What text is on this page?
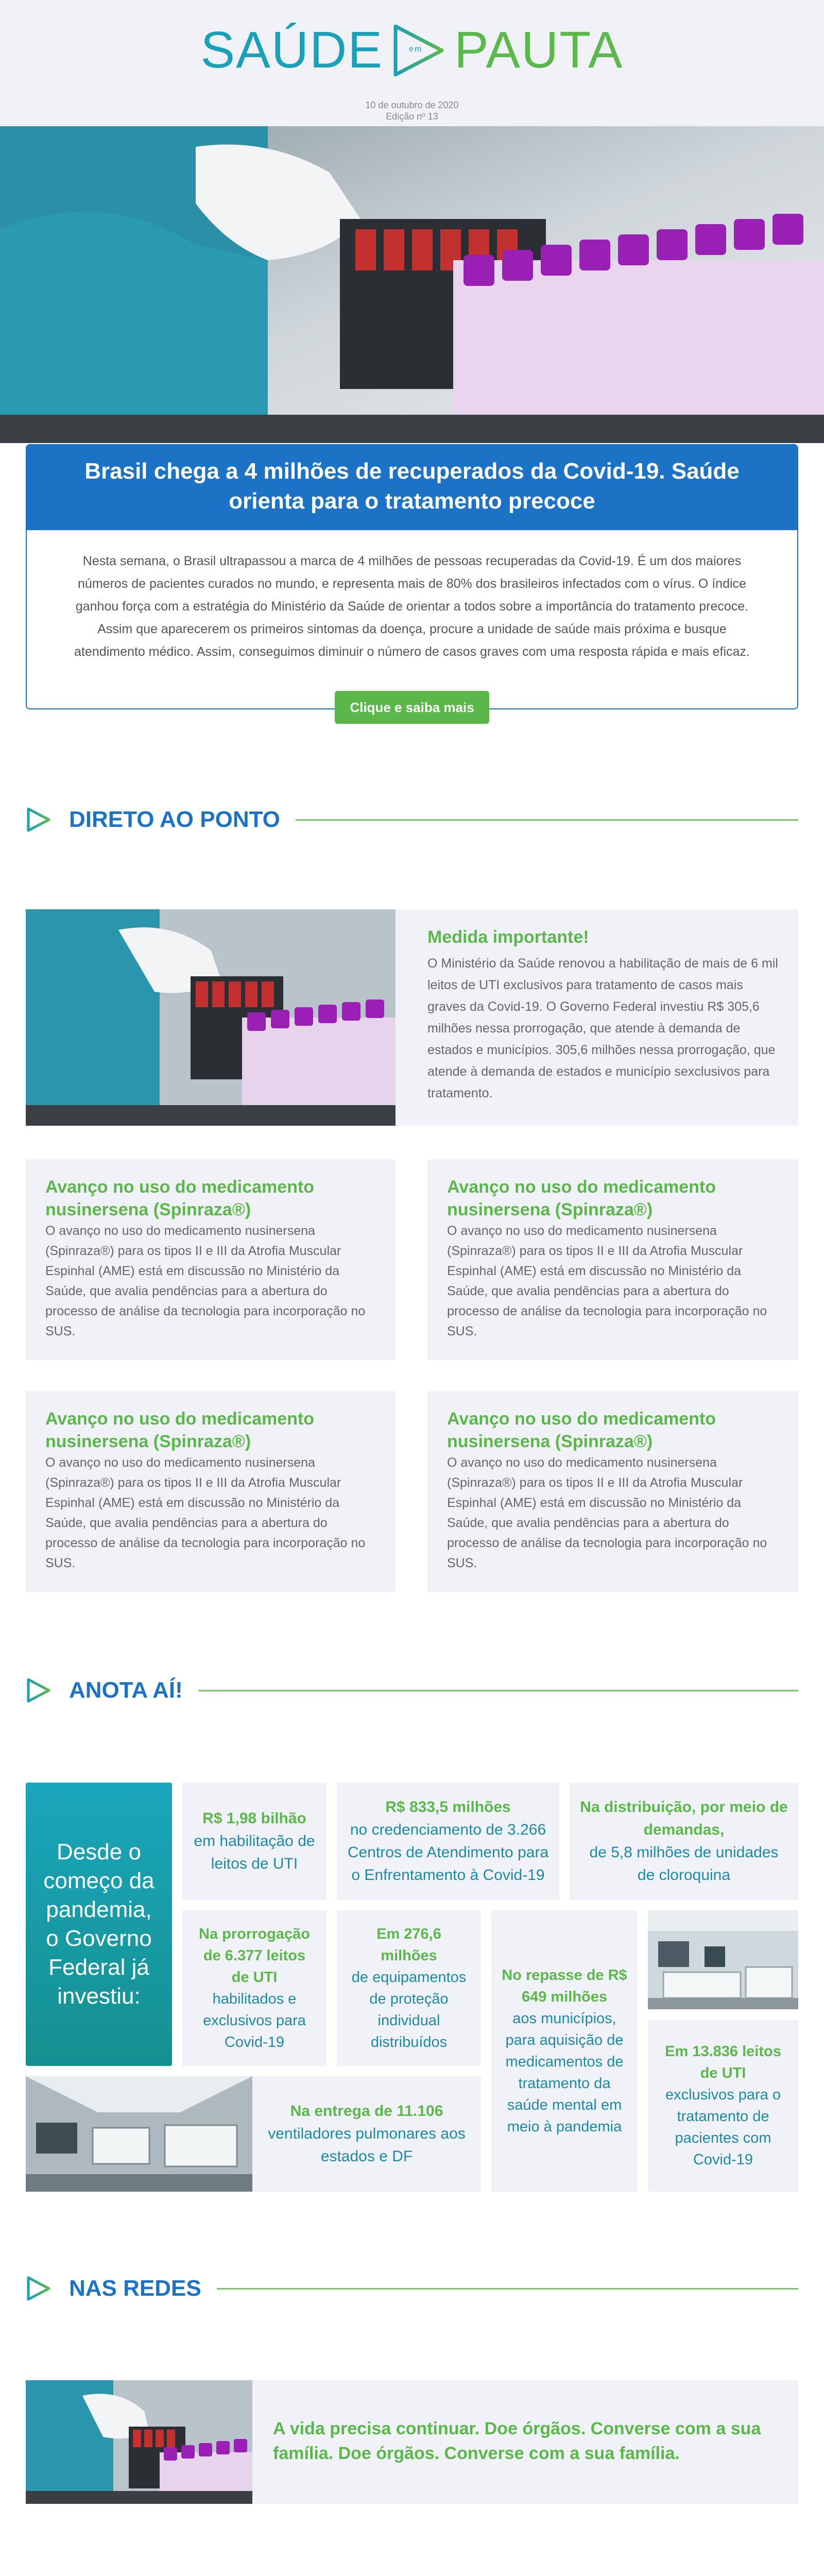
SAÚDE	em PAUTA
10 de outubro de 2020
Edição nº 13
Brasil chega a 4 milhões de recuperados da Covid-19. Saúde orienta para o tratamento precoce
Nesta semana, o Brasil ultrapassou a marca de 4 milhões de pessoas recuperadas da Covid-19. É um dos maiores números de pacientes curados no mundo, e representa mais de 80% dos brasileiros infectados com o vírus. O índice ganhou força com a estratégia do Ministério da Saúde de orientar a todos sobre a importância do tratamento precoce. Assim que aparecerem os primeiros sintomas da doença, procure a unidade de saúde mais próxima e busque atendimento médico. Assim, conseguimos diminuir o número de casos graves com uma resposta rápida e mais eficaz.
Clique e saiba mais
DIRETO AO PONTO
Medida importante!
O Ministério da Saúde renovou a habilitação de mais de 6 mil leitos de UTI exclusivos para tratamento de casos mais graves da Covid-19. O Governo Federal investiu R$ 305,6 milhões nessa prorrogação, que atende à demanda de estados e municípios. 305,6 milhões nessa prorrogação, que atende à demanda de estados e município sexclusivos para tratamento.
Avanço no uso do medicamento nusinersena (Spinraza®)
O avanço no uso do medicamento nusinersena (Spinraza®) para os tipos II e III da Atrofia Muscular Espinhal (AME) está em discussão no Ministério da Saúde, que avalia pendências para a abertura do processo de análise da tecnologia para incorporação no SUS.
Avanço no uso do medicamento nusinersena (Spinraza®)
O avanço no uso do medicamento nusinersena (Spinraza®) para os tipos II e III da Atrofia Muscular Espinhal (AME) está em discussão no Ministério da Saúde, que avalia pendências para a abertura do processo de análise da tecnologia para incorporação no SUS.
Avanço no uso do medicamento nusinersena (Spinraza®)
O avanço no uso do medicamento nusinersena (Spinraza®) para os tipos II e III da Atrofia Muscular Espinhal (AME) está em discussão no Ministério da Saúde, que avalia pendências para a abertura do processo de análise da tecnologia para incorporação no SUS.
Avanço no uso do medicamento nusinersena (Spinraza®)
O avanço no uso do medicamento nusinersena (Spinraza®) para os tipos II e III da Atrofia Muscular Espinhal (AME) está em discussão no Ministério da Saúde, que avalia pendências para a abertura do processo de análise da tecnologia para incorporação no SUS.
ANOTA AÍ!
Desde o começo da pandemia, o Governo Federal já investiu:
R$ 1,98 bilhão
em habilitação de leitos de UTI
R$ 833,5 milhões
no credenciamento de 3.266 Centros de Atendimento para o Enfrentamento à Covid-19
Na distribuição, por meio de demandas,
de 5,8 milhões de unidades de cloroquina
Na prorrogação de 6.377 leitos de UTI
habilitados e exclusivos para Covid-19
Em 276,6 milhões
de equipamentos de proteção individual distribuídos
No repasse de R$ 649 milhões
aos municípios, para aquisição de medicamentos de tratamento da saúde mental em meio à pandemia
Em 13.836 leitos de UTI
exclusivos para o tratamento de pacientes com Covid-19
Na entrega de 11.106
ventiladores pulmonares aos estados e DF
NAS REDES
A vida precisa continuar. Doe órgãos. Converse com a sua família. Doe órgãos. Converse com a sua família.
